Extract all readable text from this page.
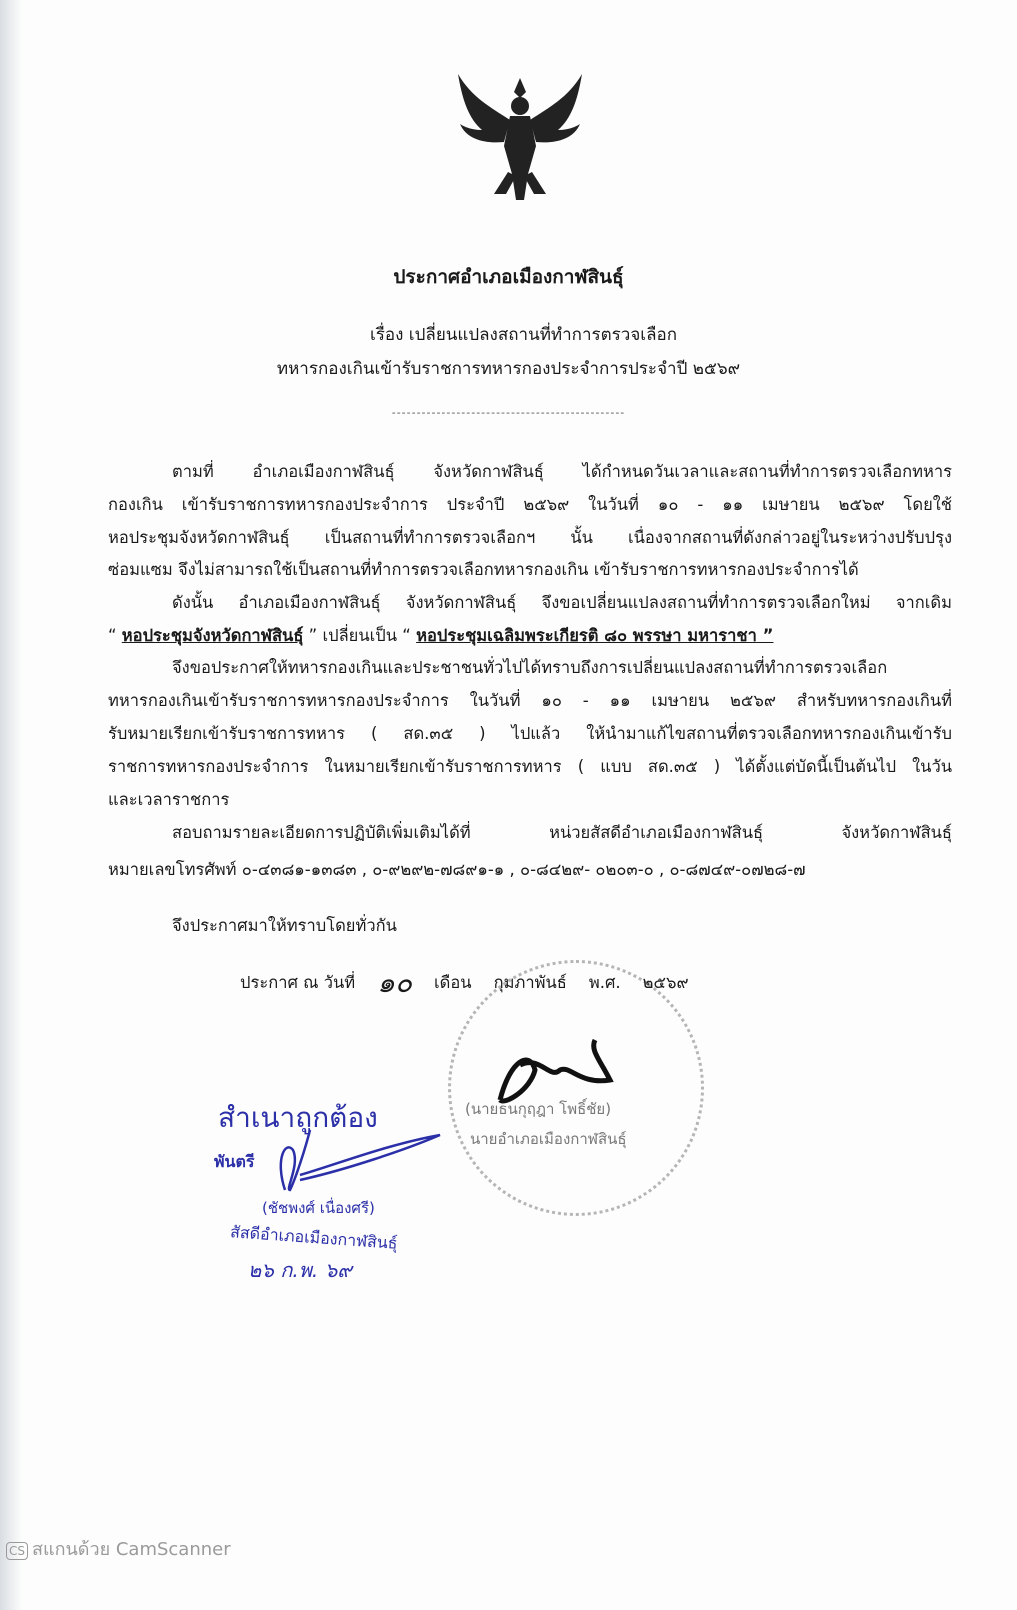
ประกาศอำเภอเมืองกาฬสินธุ์
เรื่อง เปลี่ยนแปลงสถานที่ทำการตรวจเลือก
ทหารกองเกินเข้ารับราชการทหารกองประจำการประจำปี ๒๕๖๙
-----------------------------------------------
ตามที่ อำเภอเมืองกาฬสินธุ์ จังหวัดกาฬสินธุ์ ได้กำหนดวันเวลาและสถานที่ทำการตรวจเลือกทหาร
กองเกิน เข้ารับราชการทหารกองประจำการ ประจำปี ๒๕๖๙ ในวันที่ ๑๐ - ๑๑ เมษายน ๒๕๖๙ โดยใช้
หอประชุมจังหวัดกาฬสินธุ์ เป็นสถานที่ทำการตรวจเลือกฯ นั้น เนื่องจากสถานที่ดังกล่าวอยู่ในระหว่างปรับปรุง
ซ่อมแซม จึงไม่สามารถใช้เป็นสถานที่ทำการตรวจเลือกทหารกองเกิน เข้ารับราชการทหารกองประจำการได้
ดังนั้น อำเภอเมืองกาฬสินธุ์ จังหวัดกาฬสินธุ์ จึงขอเปลี่ยนแปลงสถานที่ทำการตรวจเลือกใหม่ จากเดิม
“ หอประชุมจังหวัดกาฬสินธุ์ ” เปลี่ยนเป็น “ หอประชุมเฉลิมพระเกียรติ ๘๐ พรรษา มหาราชา ”
จึงขอประกาศให้ทหารกองเกินและประชาชนทั่วไปได้ทราบถึงการเปลี่ยนแปลงสถานที่ทำการตรวจเลือก
ทหารกองเกินเข้ารับราชการทหารกองประจำการ ในวันที่ ๑๐ - ๑๑ เมษายน ๒๕๖๙ สำหรับทหารกองเกินที่
รับหมายเรียกเข้ารับราชการทหาร ( สด.๓๕ ) ไปแล้ว ให้นำมาแก้ไขสถานที่ตรวจเลือกทหารกองเกินเข้ารับ
ราชการทหารกองประจำการ ในหมายเรียกเข้ารับราชการทหาร ( แบบ สด.๓๕ ) ได้ตั้งแต่บัดนี้เป็นต้นไป ในวัน
และเวลาราชการ
สอบถามรายละเอียดการปฏิบัติเพิ่มเติมได้ที่ หน่วยสัสดีอำเภอเมืองกาฬสินธุ์ จังหวัดกาฬสินธุ์
หมายเลขโทรศัพท์ ๐-๔๓๘๑-๑๓๘๓ , ๐-๙๒๙๒-๗๘๙๑-๑ , ๐-๘๔๒๙- ๐๒๐๓-๐ , ๐-๘๗๔๙-๐๗๒๘-๗
จึงประกาศมาให้ทราบโดยทั่วกัน
ประกาศ ณ วันที่ ๑๐ เดือน กุมภาพันธ์ พ.ศ. ๒๕๖๙
(นายธนกุฤฎา โพธิ์ชัย)
นายอำเภอเมืองกาฬสินธุ์
สำเนาถูกต้อง
พันตรี
(ชัชพงศ์ เนื่องศรี)
สัสดีอำเภอเมืองกาฬสินธุ์
๒๖ ก.พ. ๖๙
CS สแกนด้วย CamScanner
